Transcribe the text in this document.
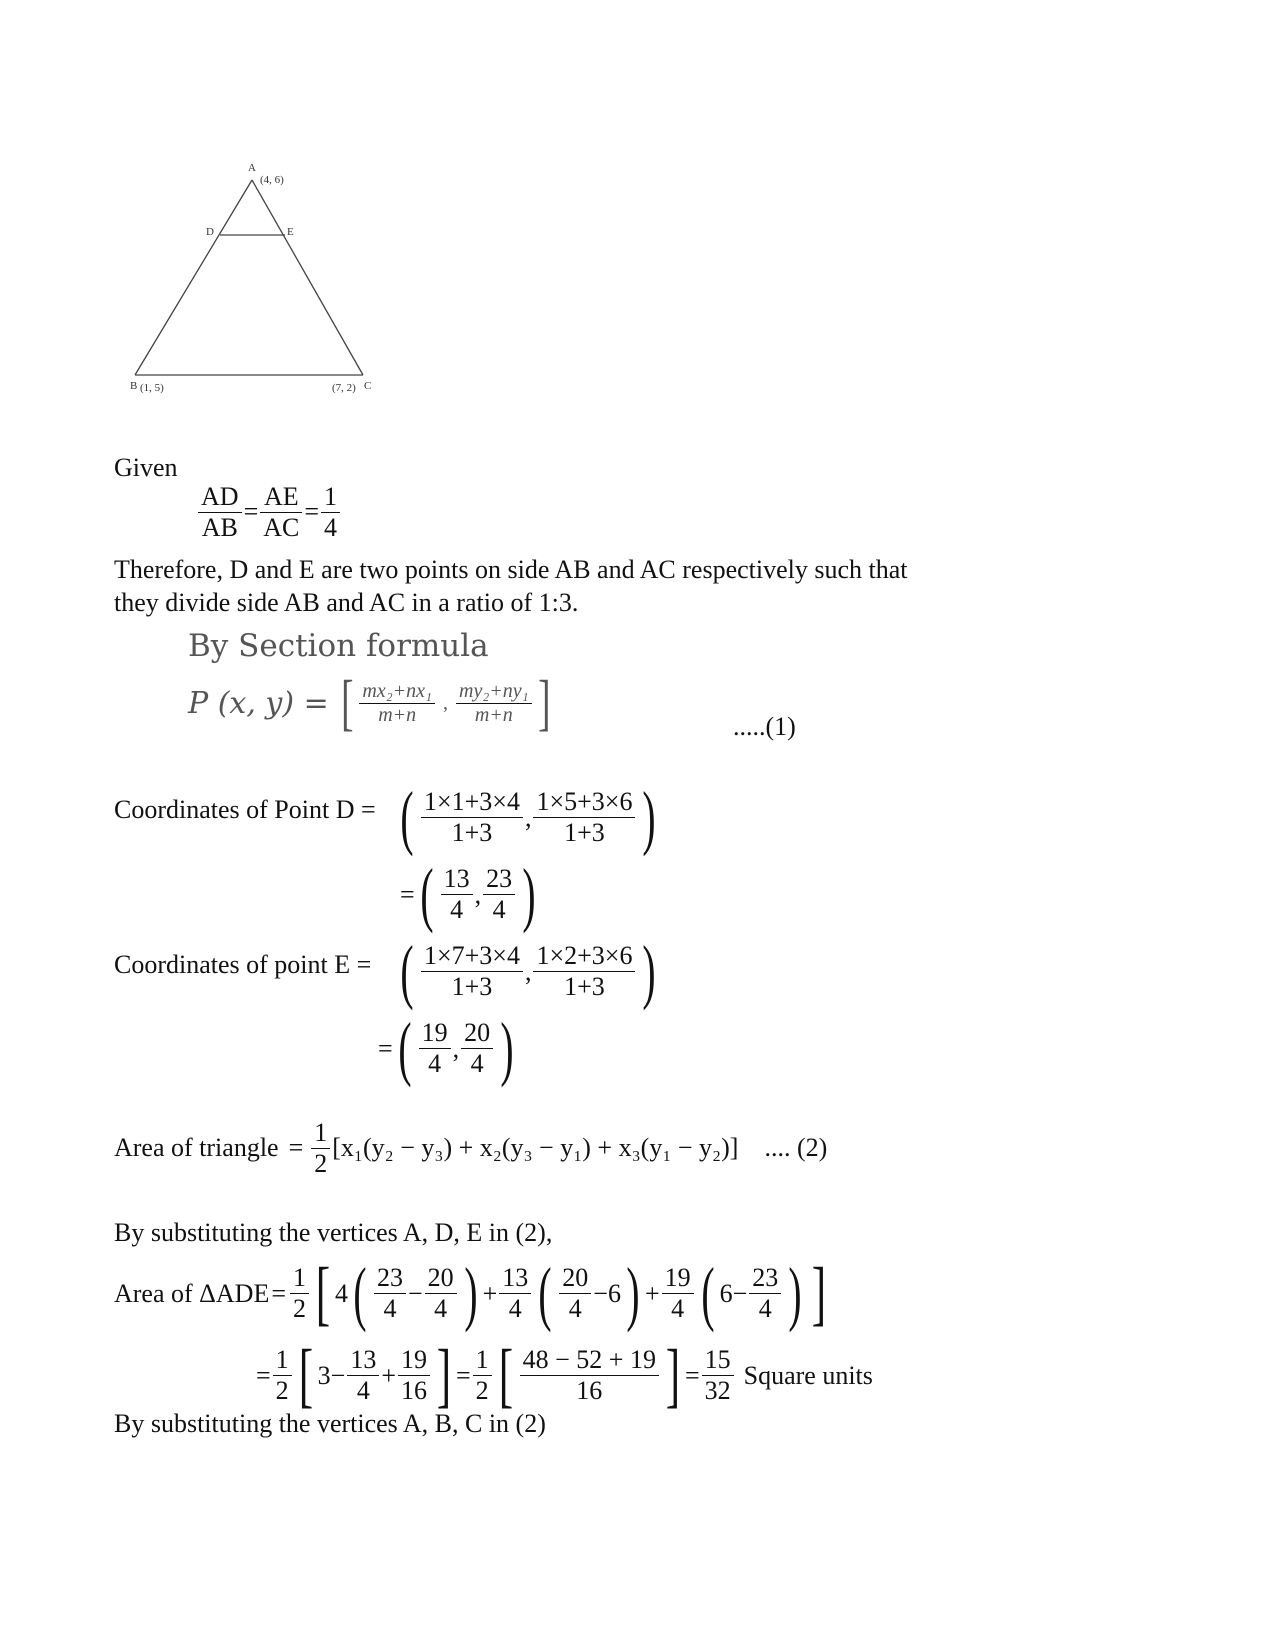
A
(4, 6)
D	E
B (1, 5)	(7, 2) C
Given
$\frac{AD}{AB} = \frac{AE}{AC} = \frac{1}{4}$
Therefore, D and E are two points on side AB and AC respectively such that
they divide side AB and AC in a ratio of 1:3.
By Section formula
P (x, y) = [ $\frac{\text{mx₂+nx₁}}{m+n}$ , $\frac{\text{my₂+ny₁}}{m+n}$ ]	.....(1)
Coordinates of Point D = ( $\frac{1\times 1+3\times 4}{1+3}$ , $\frac{1\times 5+3\times 6}{1+3}$ )
= ( $\frac{13}{4}$ , $\frac{23}{4}$ )
Coordinates of point E = ( $\frac{1\times 7+3\times 4}{1+3}$ , $\frac{1\times 2+3\times 6}{1+3}$ )
= ( $\frac{19}{4}$ , $\frac{20}{4}$ )
Area of triangle = $\frac{1}{2} [x_1(y_2 - y_3) + x_2(y_3 - y_1) + x_3(y_1 - y_2)]$ .... (2)
By substituting the vertices A, D, E in (2),
Area of $\Delta ADE = \frac{1}{2}$ [ 4 ( $\frac{23}{4} - \frac{20}{4}$ ) + $\frac{13}{4}$ ( $\frac{20}{4} - 6$ ) + $\frac{19}{4}$ ( $6 - \frac{23}{4}$ ) ]
= $\frac{1}{2}$ [ $3 - \frac{13}{4} + \frac{19}{16}$ ] = $\frac{1}{2}$ [ $\frac{48 - 52 + 19}{16}$ ] = $\frac{15}{32}$ Square units
By substituting the vertices A, B, C in (2)
